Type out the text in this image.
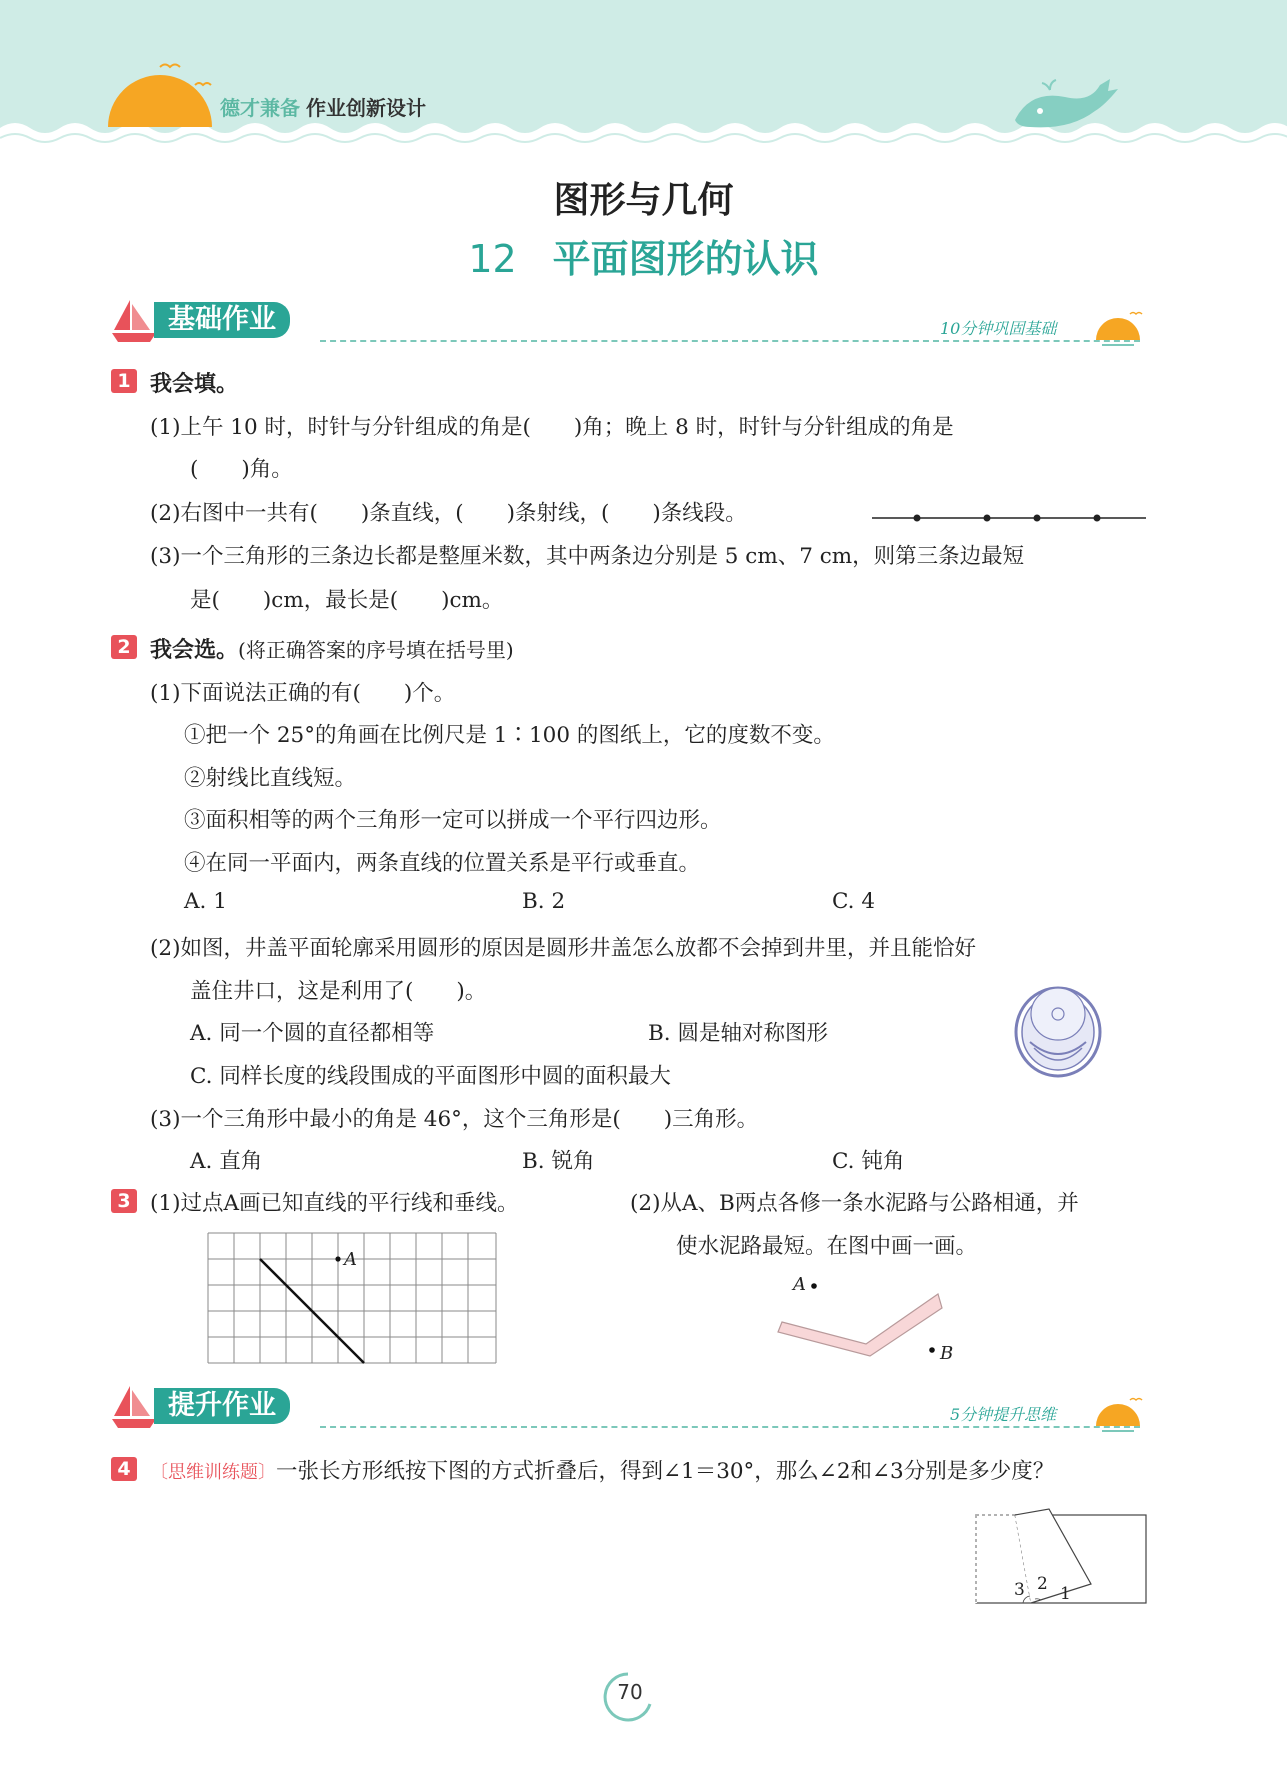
德才兼备 作业创新设计
图形与几何
12 平面图形的认识
基础作业	10分钟巩固基础
1 我会填。
(1)上午 10 时，时针与分针组成的角是(　　)角；晚上 8 时，时针与分针组成的角是
(　　)角。
(2)右图中一共有(　　)条直线，(　　)条射线，(　　)条线段。
(3)一个三角形的三条边长都是整厘米数，其中两条边分别是 5 cm、7 cm，则第三条边最短
是(　　)cm，最长是(　　)cm。
2 我会选。(将正确答案的序号填在括号里)
(1)下面说法正确的有(　　)个。
①把一个 25°的角画在比例尺是 1∶100 的图纸上，它的度数不变。
②射线比直线短。
③面积相等的两个三角形一定可以拼成一个平行四边形。
④在同一平面内，两条直线的位置关系是平行或垂直。
A. 1	B. 2	C. 4
(2)如图，井盖平面轮廓采用圆形的原因是圆形井盖怎么放都不会掉到井里，并且能恰好
盖住井口，这是利用了(　　)。
A. 同一个圆的直径都相等	B. 圆是轴对称图形
C. 同样长度的线段围成的平面图形中圆的面积最大
(3)一个三角形中最小的角是 46°，这个三角形是(　　)三角形。
A. 直角	B. 锐角	C. 钝角
3 (1)过点A画已知直线的平行线和垂线。	(2)从A、B两点各修一条水泥路与公路相通，并
使水泥路最短。在图中画一画。
A
A
B
提升作业	5分钟提升思维
4	〔思维训练题〕一张长方形纸按下图的方式折叠后，得到∠1＝30°，那么∠2和∠3分别是多少度？
3 2 1
70
